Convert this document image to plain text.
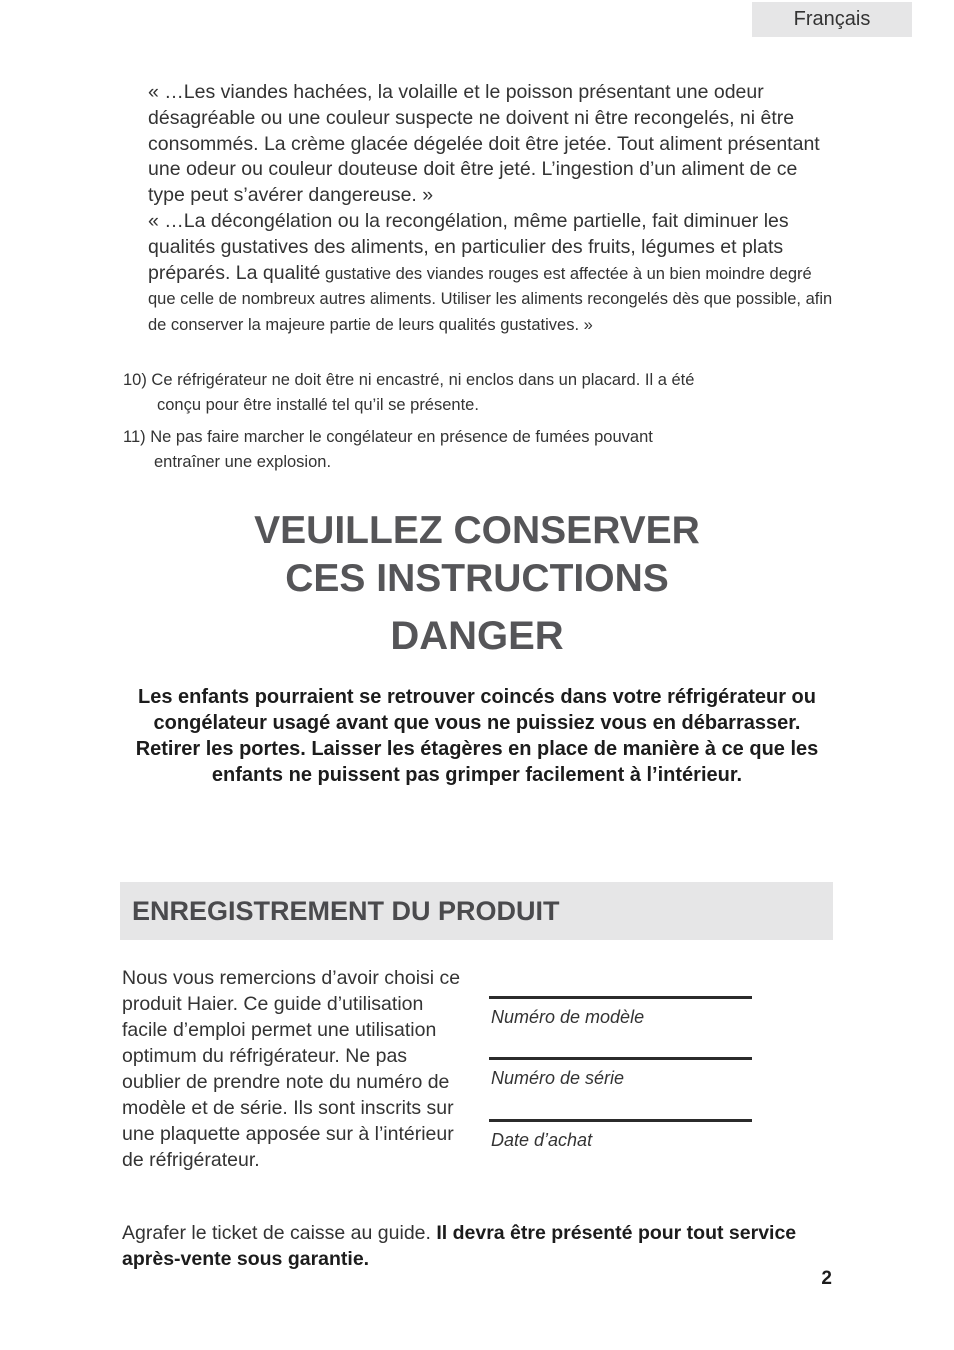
Français

« …Les viandes hachées, la volaille et le poisson présentant une odeur désagréable ou une couleur suspecte ne doivent ni être recongelés, ni être consommés. La crème glacée dégelée doit être jetée. Tout aliment présentant une odeur ou couleur douteuse doit être jeté. L’ingestion d’un aliment de ce type peut s’avérer dangereuse. »

« …La décongélation ou la recongélation, même partielle, fait diminuer les qualités gustatives des aliments, en particulier des fruits, légumes et plats préparés. La qualité gustative des viandes rouges est affectée à un bien moindre degré que celle de nombreux autres aliments. Utiliser les aliments recongelés dès que possible, afin de conserver la majeure partie de leurs qualités gustatives. »

10) Ce réfrigérateur ne doit être ni encastré, ni enclos dans un placard. Il a été
conçu pour être installé tel qu’il se présente.
11) Ne pas faire marcher le congélateur en présence de fumées pouvant
entraîner une explosion.
VEUILLEZ CONSERVER
CES INSTRUCTIONS
DANGER
Les enfants pourraient se retrouver coincés dans votre réfrigérateur ou congélateur usagé avant que vous ne puissiez vous en débarrasser. Retirer les portes. Laisser les étagères en place de manière à ce que les enfants ne puissent pas grimper facilement à l’intérieur.
ENREGISTREMENT DU PRODUIT
Nous vous remercions d’avoir choisi ce produit Haier. Ce guide d’utilisation facile d’emploi permet une utilisation optimum du réfrigérateur. Ne pas oublier de prendre note du numéro de modèle et de série. Ils sont inscrits sur une plaquette apposée sur à l’intérieur de réfrigérateur.
Numéro de modèle
Numéro de série
Date d’achat
Agrafer le ticket de caisse au guide. Il devra être présenté pour tout service après-vente sous garantie.
2
